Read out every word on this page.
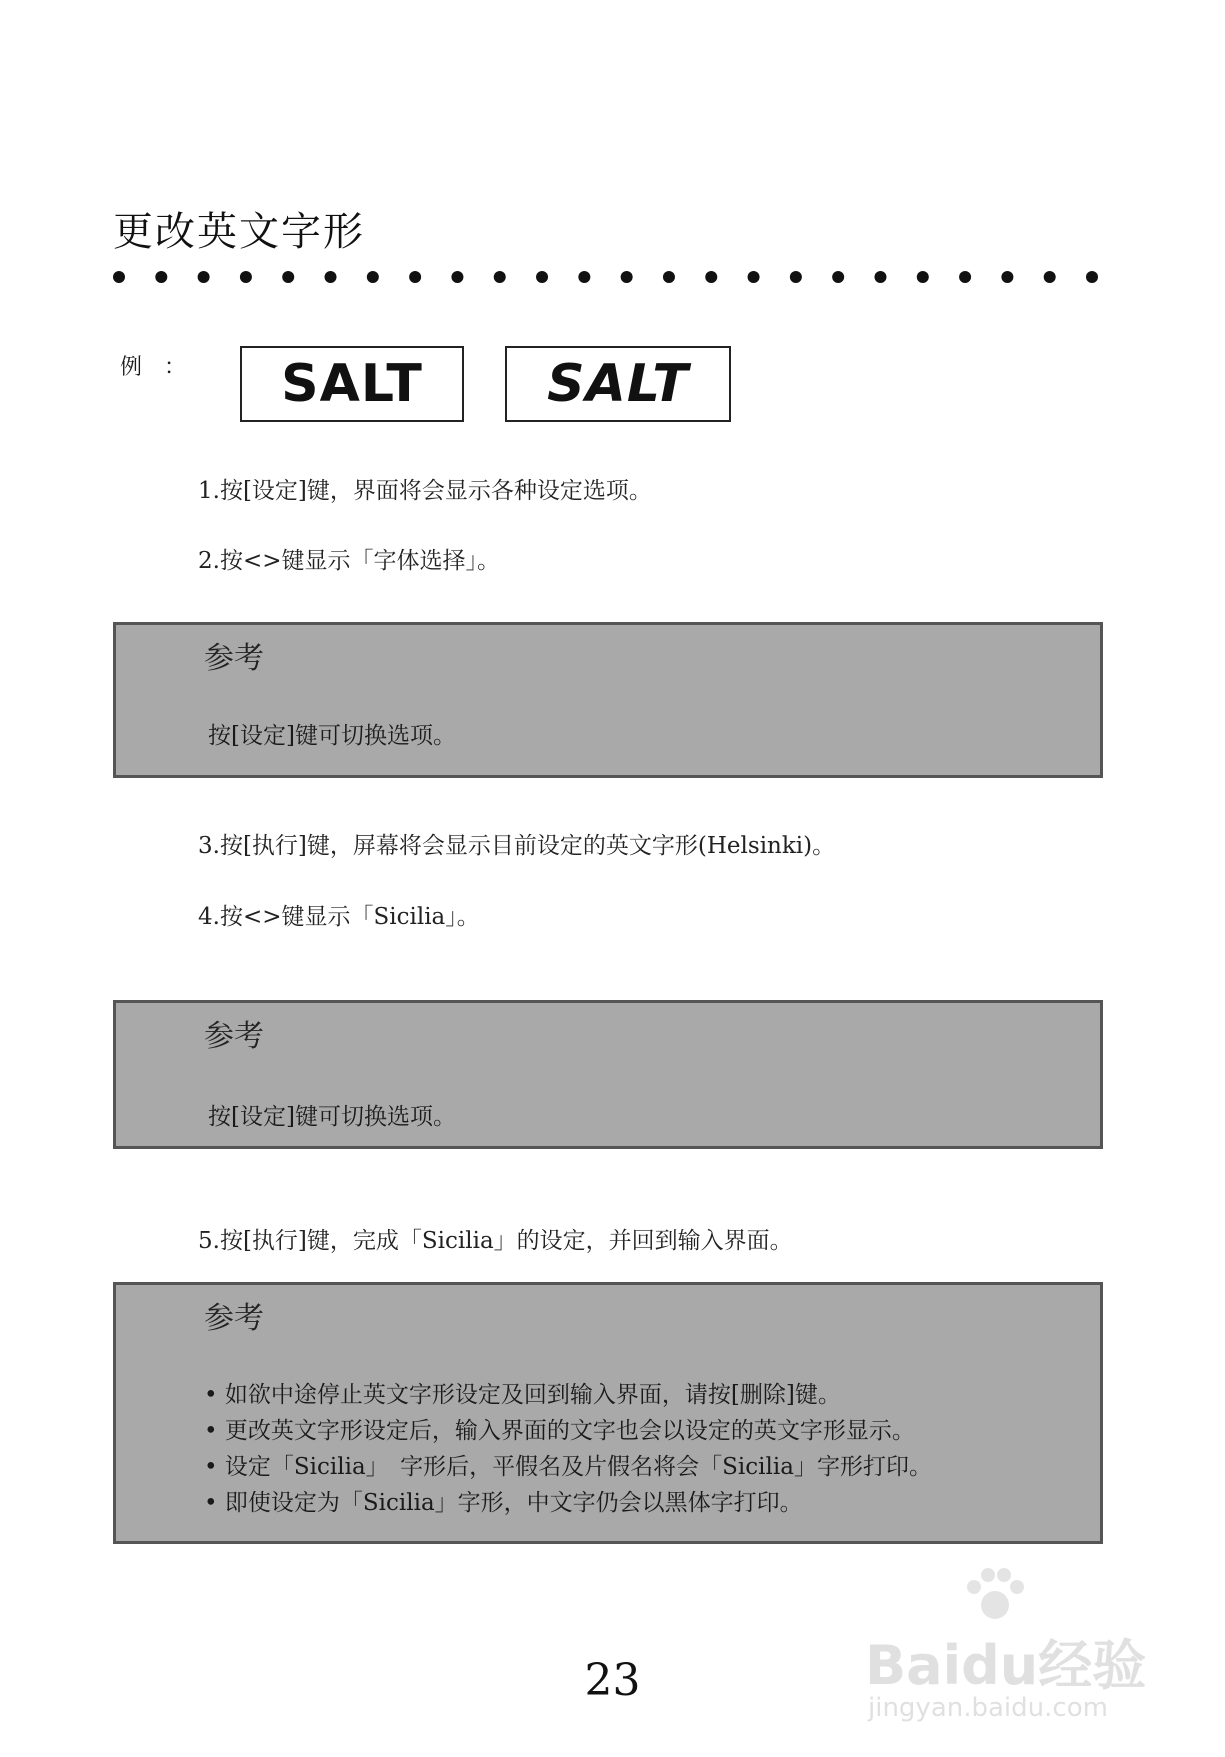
更改英文字形
例　：	SALT	SALT
1.按[设定]键，界面将会显示各种设定选项。
2.按<>键显示「字体选择」。
参考
按[设定]键可切换选项。
3.按[执行]键，屏幕将会显示目前设定的英文字形(Helsinki)。
4.按<>键显示「Sicilia」。
参考
按[设定]键可切换选项。
5.按[执行]键，完成「Sicilia」的设定，并回到输入界面。
参考
• 如欲中途停止英文字形设定及回到输入界面，请按[删除]键。
• 更改英文字形设定后，输入界面的文字也会以设定的英文字形显示。
• 设定「Sicilia」　字形后，平假名及片假名将会「Sicilia」字形打印。
• 即使设定为「Sicilia」字形，中文字仍会以黑体字打印。
23	Baidu经验
jingyan.baidu.com
